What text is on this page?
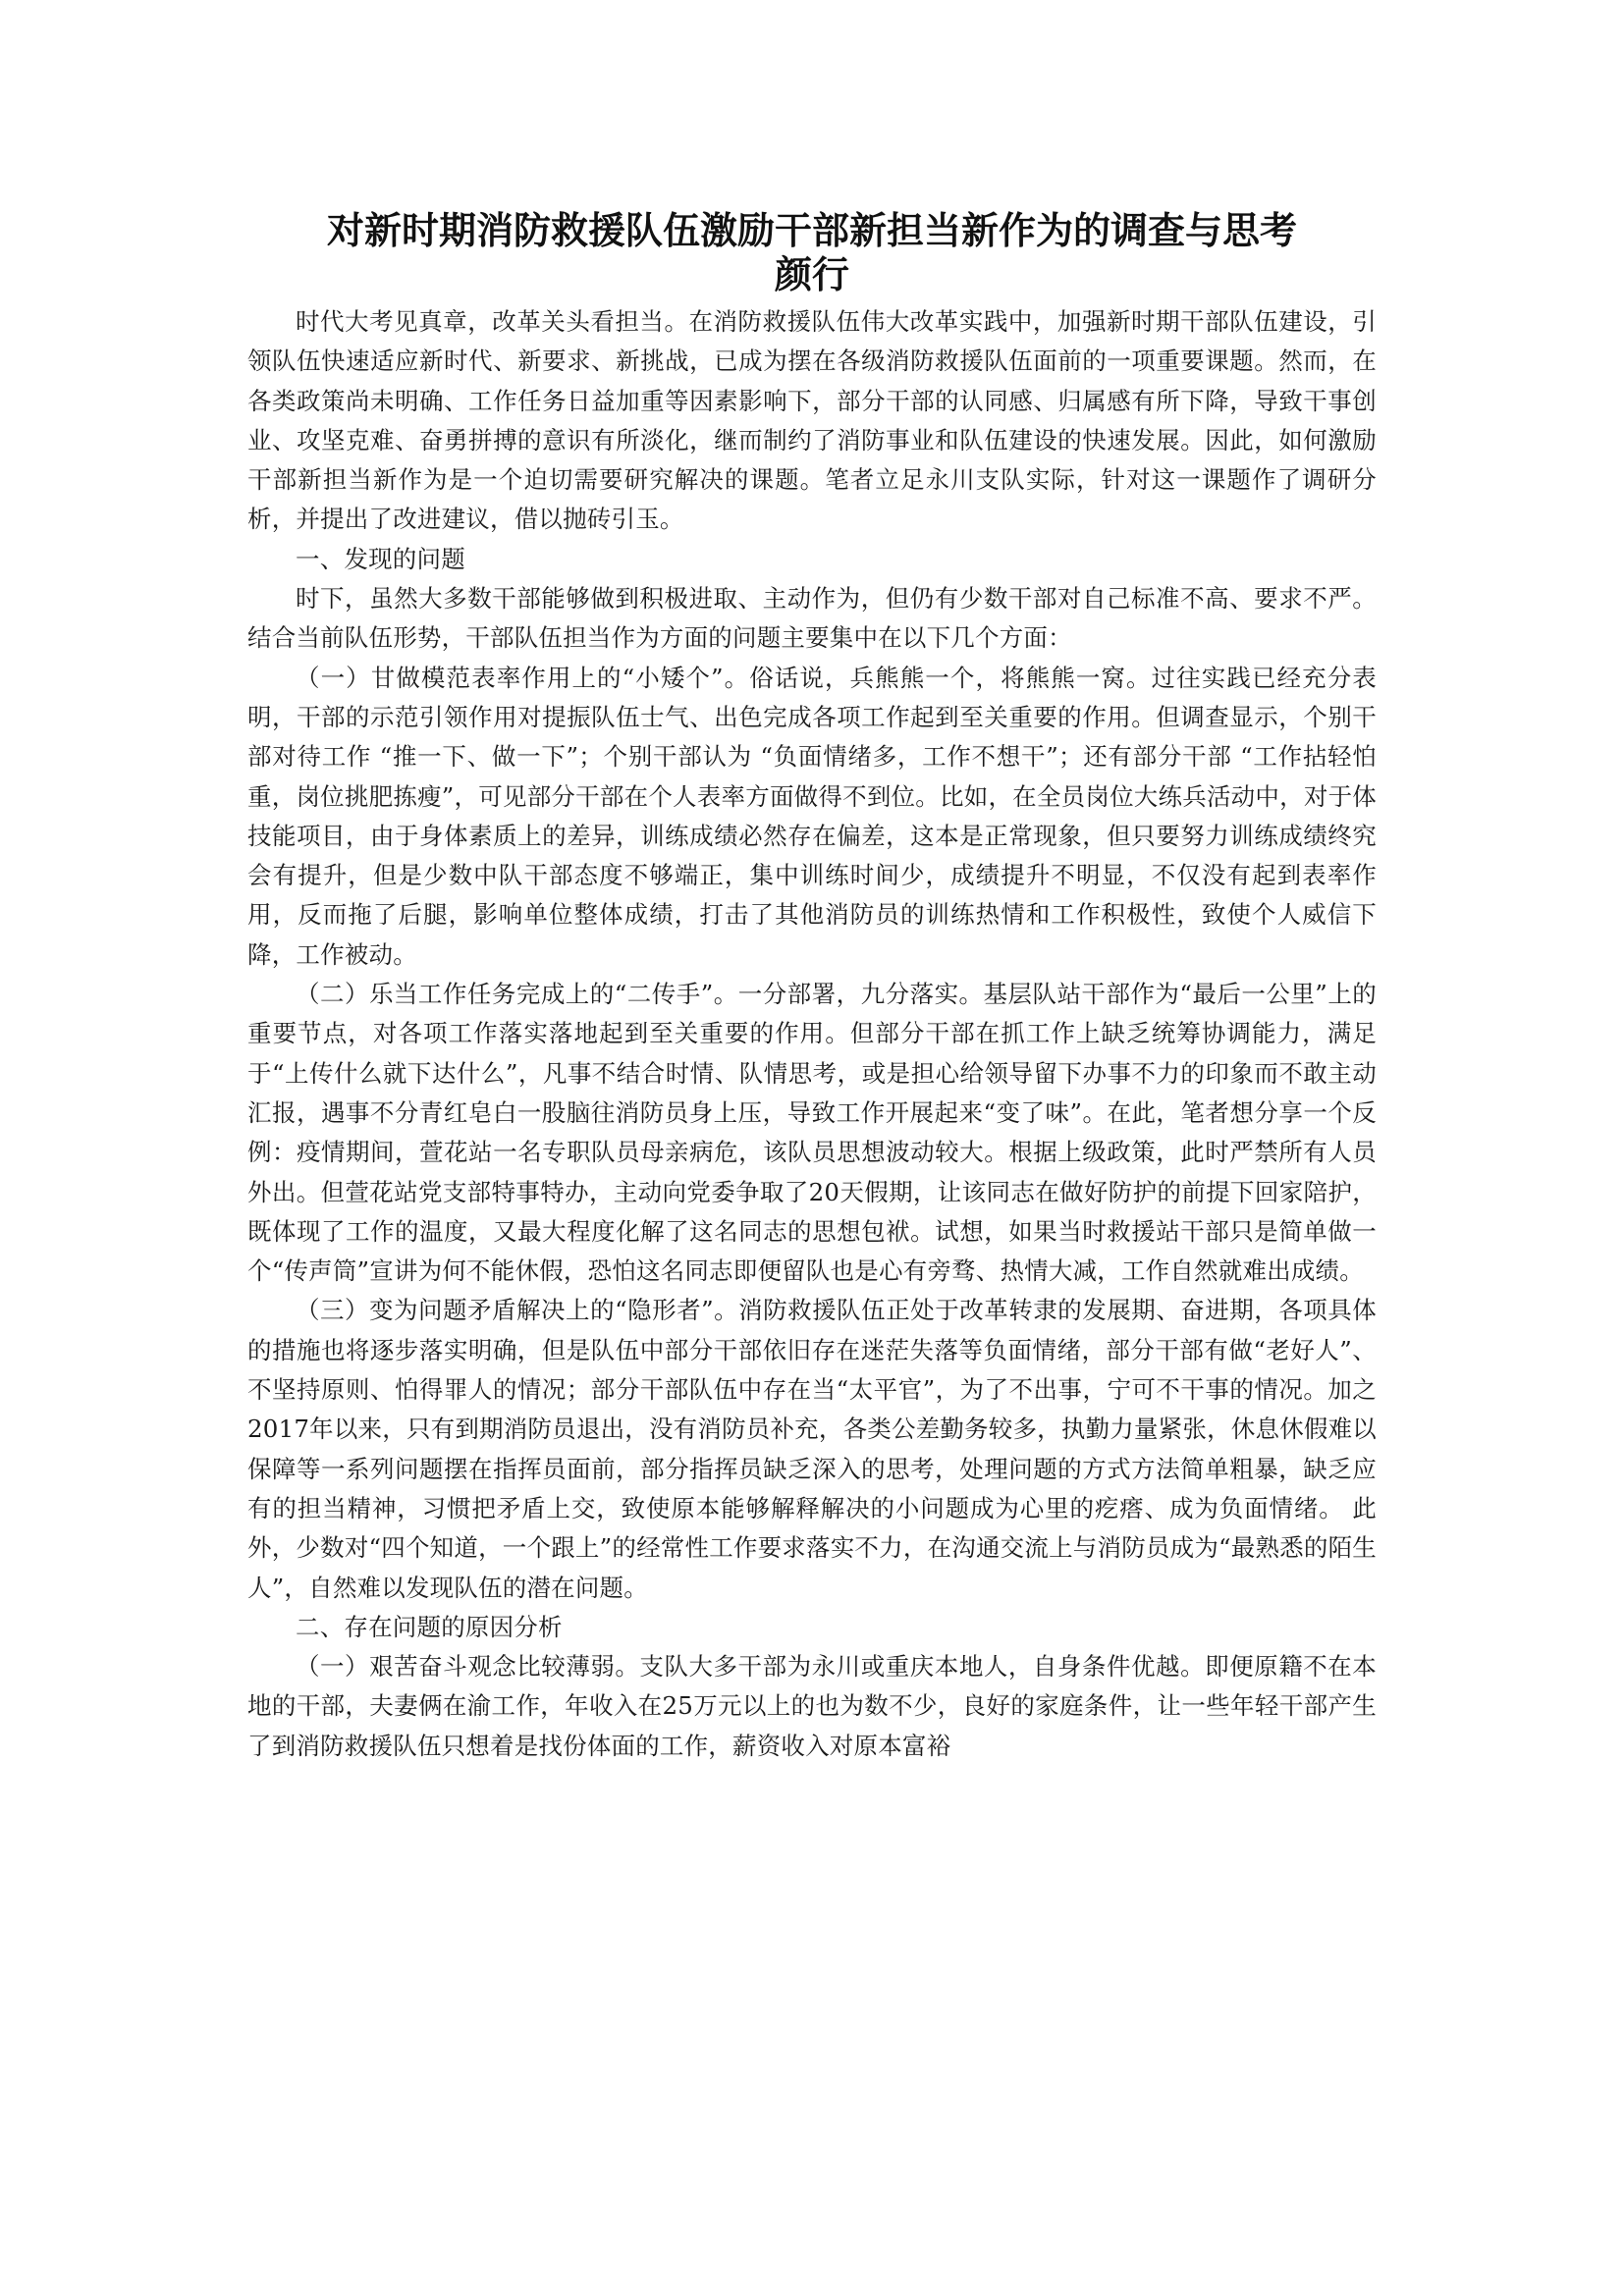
对新时期消防救援队伍激励干部新担当新作为的调查与思考
颜行

时代大考见真章，改革关头看担当。在消防救援队伍伟大改革实践中，加强新时期干部队伍建设，引领队伍快速适应新时代、新要求、新挑战，已成为摆在各级消防救援队伍面前的一项重要课题。然而，在各类政策尚未明确、工作任务日益加重等因素影响下，部分干部的认同感、归属感有所下降，导致干事创业、攻坚克难、奋勇拼搏的意识有所淡化，继而制约了消防事业和队伍建设的快速发展。因此，如何激励干部新担当新作为是一个迫切需要研究解决的课题。笔者立足永川支队实际，针对这一课题作了调研分析，并提出了改进建议，借以抛砖引玉。

一、发现的问题

时下，虽然大多数干部能够做到积极进取、主动作为，但仍有少数干部对自己标准不高、要求不严。结合当前队伍形势，干部队伍担当作为方面的问题主要集中在以下几个方面：

（一）甘做模范表率作用上的“小矮个”。俗话说，兵熊熊一个，将熊熊一窝。过往实践已经充分表明，干部的示范引领作用对提振队伍士气、出色完成各项工作起到至关重要的作用。但调查显示，个别干部对待工作 “推一下、做一下”；个别干部认为 “负面情绪多，工作不想干”；还有部分干部 “工作拈轻怕重，岗位挑肥拣瘦”，可见部分干部在个人表率方面做得不到位。比如，在全员岗位大练兵活动中，对于体技能项目，由于身体素质上的差异，训练成绩必然存在偏差，这本是正常现象，但只要努力训练成绩终究会有提升，但是少数中队干部态度不够端正，集中训练时间少，成绩提升不明显，不仅没有起到表率作用，反而拖了后腿，影响单位整体成绩，打击了其他消防员的训练热情和工作积极性，致使个人威信下降，工作被动。

（二）乐当工作任务完成上的“二传手”。一分部署，九分落实。基层队站干部作为“最后一公里”上的重要节点，对各项工作落实落地起到至关重要的作用。但部分干部在抓工作上缺乏统筹协调能力，满足于“上传什么就下达什么”，凡事不结合时情、队情思考，或是担心给领导留下办事不力的印象而不敢主动汇报，遇事不分青红皂白一股脑往消防员身上压，导致工作开展起来“变了味”。在此，笔者想分享一个反例：疫情期间，萱花站一名专职队员母亲病危，该队员思想波动较大。根据上级政策，此时严禁所有人员外出。但萱花站党支部特事特办，主动向党委争取了20天假期，让该同志在做好防护的前提下回家陪护，既体现了工作的温度，又最大程度化解了这名同志的思想包袱。试想，如果当时救援站干部只是简单做一个“传声筒”宣讲为何不能休假，恐怕这名同志即便留队也是心有旁骛、热情大减，工作自然就难出成绩。

（三）变为问题矛盾解决上的“隐形者”。消防救援队伍正处于改革转隶的发展期、奋进期，各项具体的措施也将逐步落实明确，但是队伍中部分干部依旧存在迷茫失落等负面情绪，部分干部有做“老好人”、不坚持原则、怕得罪人的情况；部分干部队伍中存在当“太平官”，为了不出事，宁可不干事的情况。加之2017年以来，只有到期消防员退出，没有消防员补充，各类公差勤务较多，执勤力量紧张，休息休假难以保障等一系列问题摆在指挥员面前，部分指挥员缺乏深入的思考，处理问题的方式方法简单粗暴，缺乏应有的担当精神，习惯把矛盾上交，致使原本能够解释解决的小问题成为心里的疙瘩、成为负面情绪。 此外，少数对“四个知道，一个跟上”的经常性工作要求落实不力，在沟通交流上与消防员成为“最熟悉的陌生人”，自然难以发现队伍的潜在问题。

二、存在问题的原因分析

（一）艰苦奋斗观念比较薄弱。支队大多干部为永川或重庆本地人，自身条件优越。即便原籍不在本地的干部，夫妻俩在渝工作，年收入在25万元以上的也为数不少，良好的家庭条件，让一些年轻干部产生了到消防救援队伍只想着是找份体面的工作，薪资收入对原本富裕
